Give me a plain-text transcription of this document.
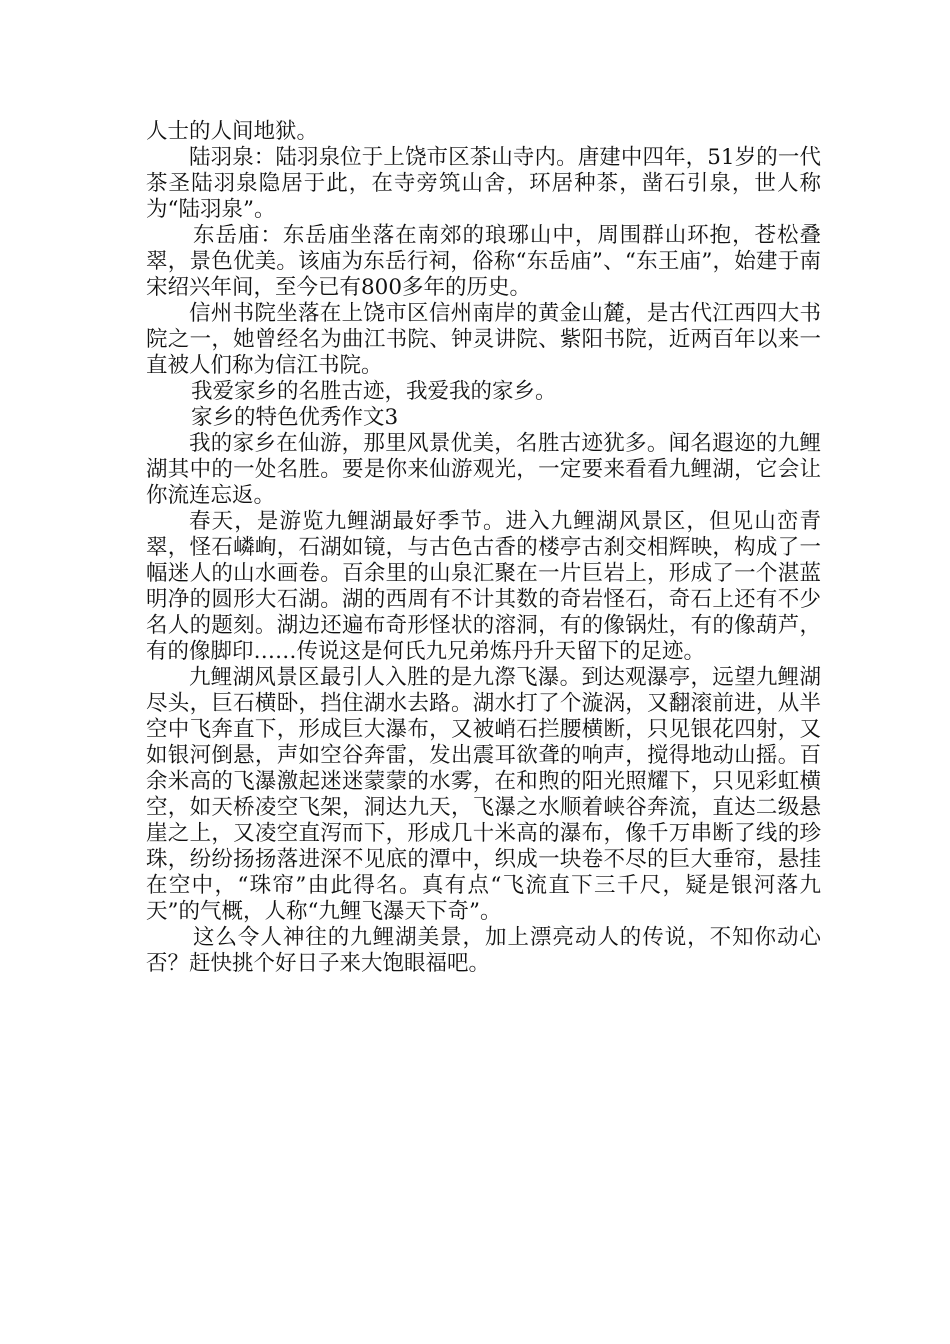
人士的人间地狱。

陆羽泉：陆羽泉位于上饶市区茶山寺内。唐建中四年，51岁的一代茶圣陆羽泉隐居于此，在寺旁筑山舍，环居种茶，凿石引泉，世人称为“陆羽泉”。

东岳庙：东岳庙坐落在南郊的琅琊山中，周围群山环抱，苍松叠翠，景色优美。该庙为东岳行祠，俗称“东岳庙”、“东王庙”，始建于南宋绍兴年间，至今已有800多年的历史。

信州书院坐落在上饶市区信州南岸的黄金山麓，是古代江西四大书院之一，她曾经名为曲江书院、钟灵讲院、紫阳书院，近两百年以来一直被人们称为信江书院。

我爱家乡的名胜古迹，我爱我的家乡。

家乡的特色优秀作文3

我的家乡在仙游，那里风景优美，名胜古迹犹多。闻名遐迩的九鲤湖其中的一处名胜。要是你来仙游观光，一定要来看看九鲤湖，它会让你流连忘返。

春天，是游览九鲤湖最好季节。进入九鲤湖风景区，但见山峦青翠，怪石嶙峋，石湖如镜，与古色古香的楼亭古刹交相辉映，构成了一幅迷人的山水画卷。百余里的山泉汇聚在一片巨岩上，形成了一个湛蓝明净的圆形大石湖。湖的西周有不计其数的奇岩怪石，奇石上还有不少名人的题刻。湖边还遍布奇形怪状的溶洞，有的像锅灶，有的像葫芦，有的像脚印……传说这是何氏九兄弟炼丹升天留下的足迹。

九鲤湖风景区最引人入胜的是九漈飞瀑。到达观瀑亭，远望九鲤湖尽头，巨石横卧，挡住湖水去路。湖水打了个漩涡，又翻滚前进，从半空中飞奔直下，形成巨大瀑布，又被峭石拦腰横断，只见银花四射，又如银河倒悬，声如空谷奔雷，发出震耳欲聋的响声，搅得地动山摇。百余米高的飞瀑激起迷迷蒙蒙的水雾，在和煦的阳光照耀下，只见彩虹横空，如天桥凌空飞架，洞达九天，飞瀑之水顺着峡谷奔流，直达二级悬崖之上，又凌空直泻而下，形成几十米高的瀑布，像千万串断了线的珍珠，纷纷扬扬落进深不见底的潭中，织成一块卷不尽的巨大垂帘，悬挂在空中，“珠帘”由此得名。真有点“飞流直下三千尺，疑是银河落九天”的气概，人称“九鲤飞瀑天下奇”。

这么令人神往的九鲤湖美景，加上漂亮动人的传说，不知你动心否？赶快挑个好日子来大饱眼福吧。
